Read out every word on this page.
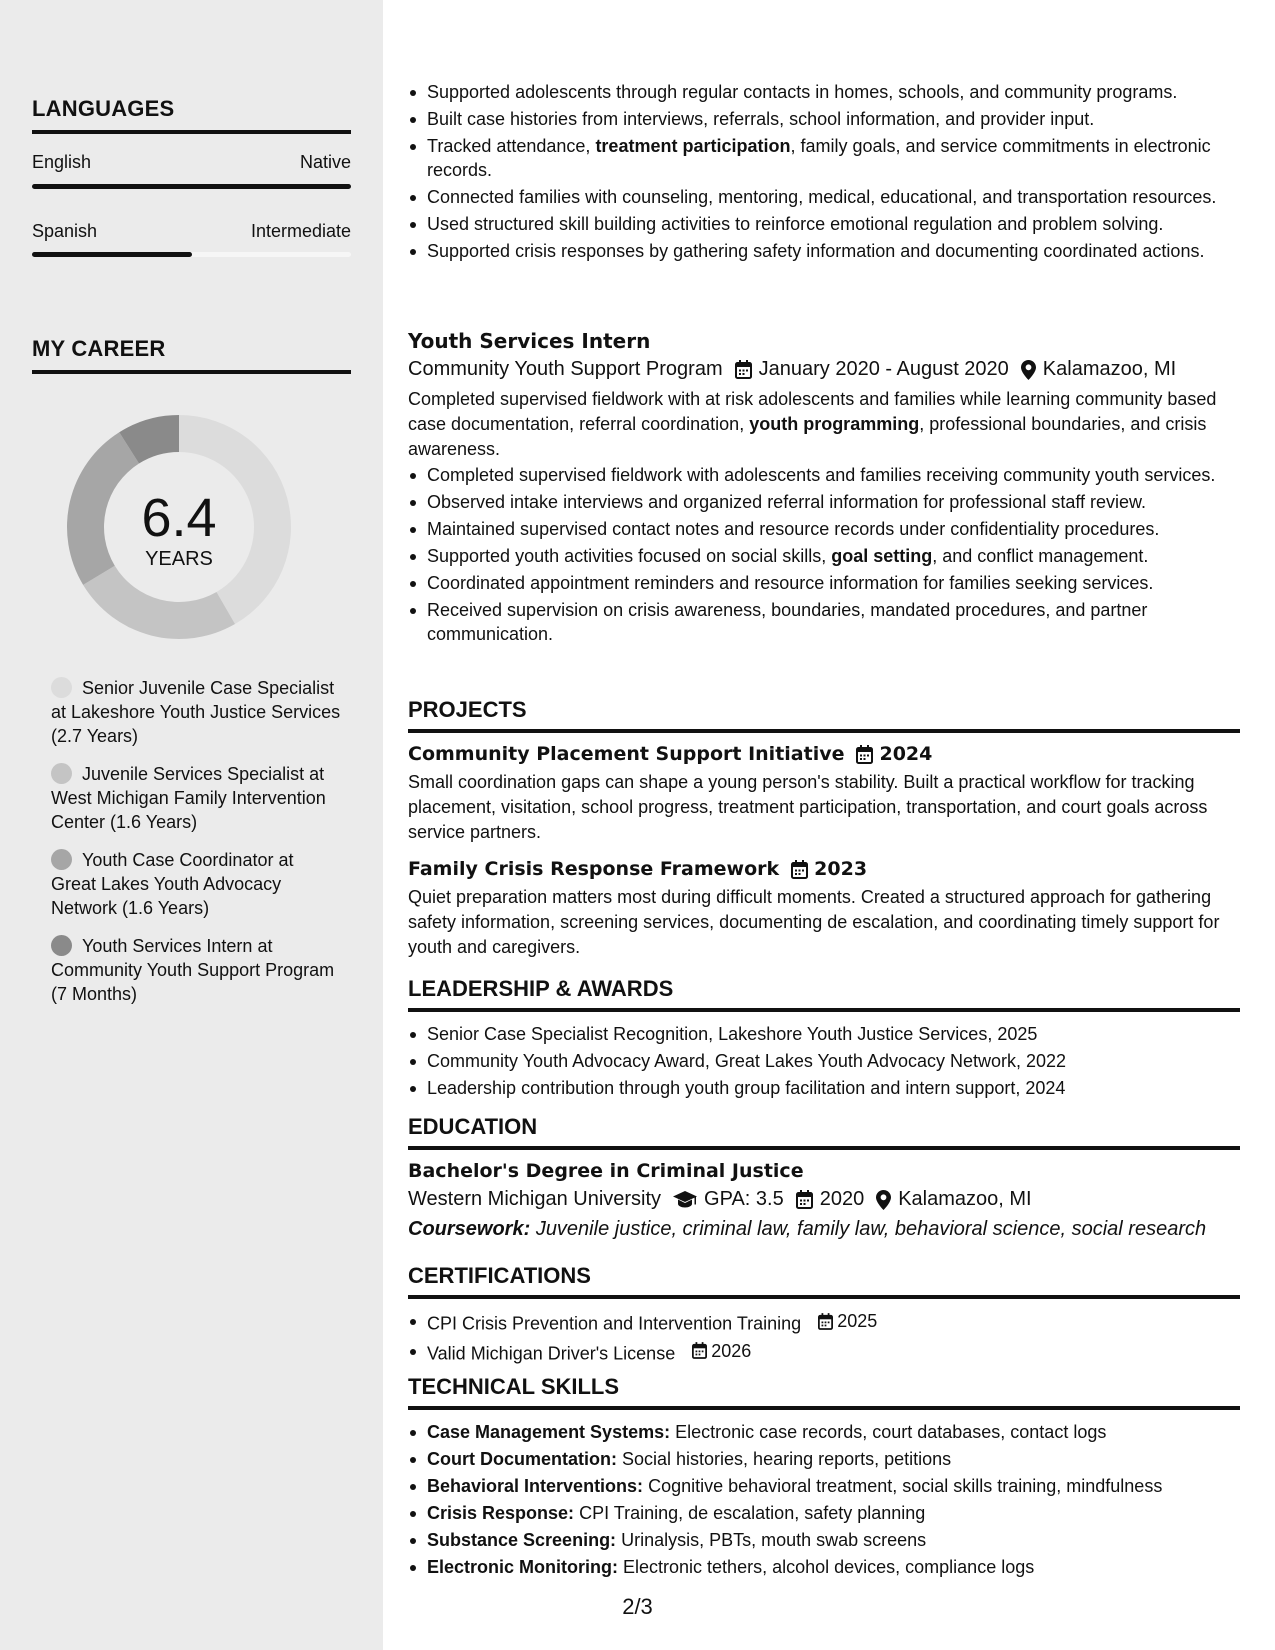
LANGUAGES
English	Native
Spanish	Intermediate
MY CAREER
6.4
YEARS
Senior Juvenile Case Specialist at Lakeshore Youth Justice Services (2.7 Years)
Juvenile Services Specialist at West Michigan Family Intervention Center (1.6 Years)
Youth Case Coordinator at Great Lakes Youth Advocacy Network (1.6 Years)
Youth Services Intern at Community Youth Support Program (7 Months)
Supported adolescents through regular contacts in homes, schools, and community programs.
Built case histories from interviews, referrals, school information, and provider input.
Tracked attendance, treatment participation, family goals, and service commitments in electronic records.
Connected families with counseling, mentoring, medical, educational, and transportation resources.
Used structured skill building activities to reinforce emotional regulation and problem solving.
Supported crisis responses by gathering safety information and documenting coordinated actions.
Youth Services Intern
Community Youth Support Program January 2020 - August 2020 Kalamazoo, MI
Completed supervised fieldwork with at risk adolescents and families while learning community based case documentation, referral coordination, youth programming, professional boundaries, and crisis awareness.
Completed supervised fieldwork with adolescents and families receiving community youth services.
Observed intake interviews and organized referral information for professional staff review.
Maintained supervised contact notes and resource records under confidentiality procedures.
Supported youth activities focused on social skills, goal setting, and conflict management.
Coordinated appointment reminders and resource information for families seeking services.
Received supervision on crisis awareness, boundaries, mandated procedures, and partner communication.
PROJECTS
Community Placement Support Initiative 2024
Small coordination gaps can shape a young person's stability. Built a practical workflow for tracking placement, visitation, school progress, treatment participation, transportation, and court goals across service partners.
Family Crisis Response Framework 2023
Quiet preparation matters most during difficult moments. Created a structured approach for gathering safety information, screening services, documenting de escalation, and coordinating timely support for youth and caregivers.
LEADERSHIP & AWARDS
Senior Case Specialist Recognition, Lakeshore Youth Justice Services, 2025
Community Youth Advocacy Award, Great Lakes Youth Advocacy Network, 2022
Leadership contribution through youth group facilitation and intern support, 2024
EDUCATION
Bachelor's Degree in Criminal Justice
Western Michigan University GPA: 3.5 2020 Kalamazoo, MI
Coursework: Juvenile justice, criminal law, family law, behavioral science, social research
CERTIFICATIONS
CPI Crisis Prevention and Intervention Training 2025
Valid Michigan Driver's License 2026
TECHNICAL SKILLS
Case Management Systems: Electronic case records, court databases, contact logs
Court Documentation: Social histories, hearing reports, petitions
Behavioral Interventions: Cognitive behavioral treatment, social skills training, mindfulness
Crisis Response: CPI Training, de escalation, safety planning
Substance Screening: Urinalysis, PBTs, mouth swab screens
Electronic Monitoring: Electronic tethers, alcohol devices, compliance logs
2/3
